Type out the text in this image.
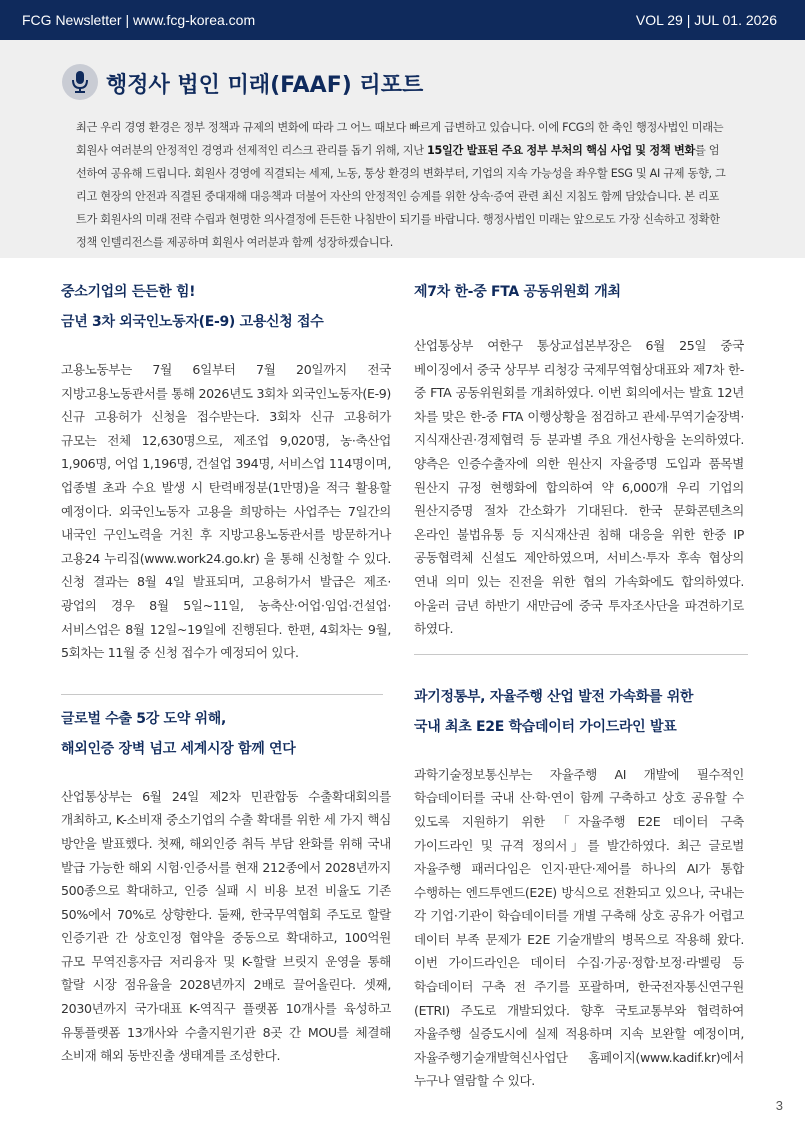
FCG Newsletter | www.fcg-korea.com	VOL 29 | JUL 01. 2026
행정사 법인 미래(FAAF) 리포트
최근 우리 경영 환경은 정부 정책과 규제의 변화에 따라 그 어느 때보다 빠르게 급변하고 있습니다. 이에 FCG의 한 축인 행정사법인 미래는 회원사 여러분의 안정적인 경영과 선제적인 리스크 관리를 돕기 위해, 지난 15일간 발표된 주요 정부 부처의 핵심 사업 및 정책 변화를 엄선하여 공유해 드립니다. 회원사 경영에 직결되는 세제, 노동, 통상 환경의 변화부터, 기업의 지속 가능성을 좌우할 ESG 및 AI 규제 동향, 그리고 현장의 안전과 직결된 중대재해 대응책과 더불어 자산의 안정적인 승계를 위한 상속·증여 관련 최신 지침도 함께 담았습니다. 본 리포트가 회원사의 미래 전략 수립과 현명한 의사결정에 든든한 나침반이 되기를 바랍니다. 행정사법인 미래는 앞으로도 가장 신속하고 정확한 정책 인텔리전스를 제공하며 회원사 여러분과 함께 성장하겠습니다.
중소기업의 든든한 힘!
금년 3차 외국인노동자(E-9) 고용신청 접수
고용노동부는 7월 6일부터 7월 20일까지 전국 지방고용노동관서를 통해 2026년도 3회차 외국인노동자(E-9) 신규 고용허가 신청을 접수받는다. 3회차 신규 고용허가 규모는 전체 12,630명으로, 제조업 9,020명, 농·축산업 1,906명, 어업 1,196명, 건설업 394명, 서비스업 114명이며, 업종별 초과 수요 발생 시 탄력배정분(1만명)을 적극 활용할 예정이다. 외국인노동자 고용을 희망하는 사업주는 7일간의 내국인 구인노력을 거친 후 지방고용노동관서를 방문하거나 고용24 누리집(www.work24.go.kr) 을 통해 신청할 수 있다. 신청 결과는 8월 4일 발표되며, 고용허가서 발급은 제조·광업의 경우 8월 5일~11일, 농축산·어업·임업·건설업·서비스업은 8월 12일~19일에 진행된다. 한편, 4회차는 9월, 5회차는 11월 중 신청 접수가 예정되어 있다.
글로벌 수출 5강 도약 위해,
해외인증 장벽 넘고 세계시장 함께 연다
산업통상부는 6월 24일 제2차 민관합동 수출확대회의를 개최하고, K-소비재 중소기업의 수출 확대를 위한 세 가지 핵심 방안을 발표했다. 첫째, 해외인증 취득 부담 완화를 위해 국내 발급 가능한 해외 시험·인증서를 현재 212종에서 2028년까지 500종으로 확대하고, 인증 실패 시 비용 보전 비율도 기존 50%에서 70%로 상향한다. 둘째, 한국무역협회 주도로 할랄 인증기관 간 상호인정 협약을 중동으로 확대하고, 100억원 규모 무역진흥자금 저리융자 및 K-할랄 브릿지 운영을 통해 할랄 시장 점유율을 2028년까지 2배로 끌어올린다. 셋째, 2030년까지 국가대표 K-역직구 플랫폼 10개사를 육성하고 유통플랫폼 13개사와 수출지원기관 8곳 간 MOU를 체결해 소비재 해외 동반진출 생태계를 조성한다.
제7차 한-중 FTA 공동위원회 개최
산업통상부 여한구 통상교섭본부장은 6월 25일 중국 베이징에서 중국 상무부 리청강 국제무역협상대표와 제7차 한-중 FTA 공동위원회를 개최하였다. 이번 회의에서는 발효 12년 차를 맞은 한-중 FTA 이행상황을 점검하고 관세·무역기술장벽·지식재산권·경제협력 등 분과별 주요 개선사항을 논의하였다. 양측은 인증수출자에 의한 원산지 자율증명 도입과 품목별 원산지 규정 현행화에 합의하여 약 6,000개 우리 기업의 원산지증명 절차 간소화가 기대된다. 한국 문화콘텐츠의 온라인 불법유통 등 지식재산권 침해 대응을 위한 한중 IP 공동협력체 신설도 제안하였으며, 서비스·투자 후속 협상의 연내 의미 있는 진전을 위한 협의 가속화에도 합의하였다. 아울러 금년 하반기 새만금에 중국 투자조사단을 파견하기로 하였다.
과기정통부, 자율주행 산업 발전 가속화를 위한
국내 최초 E2E 학습데이터 가이드라인 발표
과학기술정보통신부는 자율주행 AI 개발에 필수적인 학습데이터를 국내 산·학·연이 함께 구축하고 상호 공유할 수 있도록 지원하기 위한 「자율주행 E2E 데이터 구축 가이드라인 및 규격 정의서」를 발간하였다. 최근 글로벌 자율주행 패러다임은 인지·판단·제어를 하나의 AI가 통합 수행하는 엔드투엔드(E2E) 방식으로 전환되고 있으나, 국내는 각 기업·기관이 학습데이터를 개별 구축해 상호 공유가 어렵고 데이터 부족 문제가 E2E 기술개발의 병목으로 작용해 왔다. 이번 가이드라인은 데이터 수집·가공·정합·보정·라벨링 등 학습데이터 구축 전 주기를 포괄하며, 한국전자통신연구원(ETRI) 주도로 개발되었다. 향후 국토교통부와 협력하여 자율주행 실증도시에 실제 적용하며 지속 보완할 예정이며, 자율주행기술개발혁신사업단 홈페이지(www.kadif.kr)에서 누구나 열람할 수 있다.
3
